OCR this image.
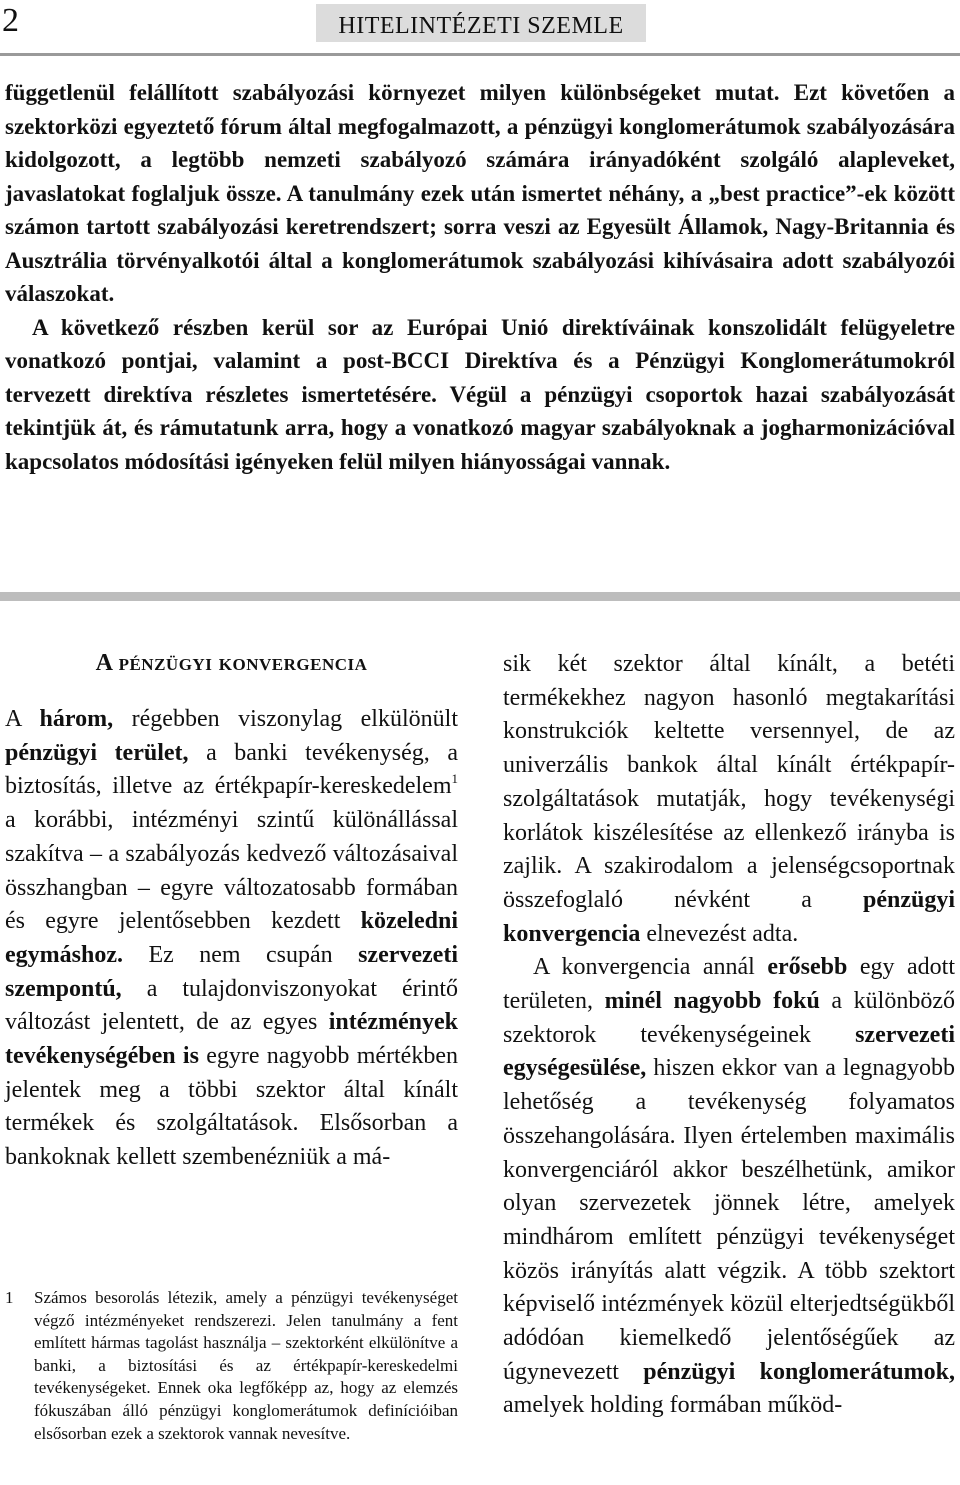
2	HITELINTÉZETI SZEMLE

függetlenül felállított szabályozási környezet milyen különbségeket mutat. Ezt követően a szektorközi egyeztető fórum által megfogalmazott, a pénzügyi konglomerátumok szabályozására kidolgozott, a legtöbb nemzeti szabályozó számára irányadóként szolgáló alapleveket, javaslatokat foglaljuk össze. A tanulmány ezek után ismertet néhány, a „best practice”-ek között számon tartott szabályozási keretrendszert; sorra veszi az Egyesült Államok, Nagy-Britannia és Ausztrália törvényalkotói által a konglomerátumok szabályozási kihívásaira adott szabályozói válaszokat.

A következő részben kerül sor az Európai Unió direktíváinak konszolidált felügyeletre vonatkozó pontjai, valamint a post-BCCI Direktíva és a Pénzügyi Konglomerátumokról tervezett direktíva részletes ismertetésére. Végül a pénzügyi csoportok hazai szabályozását tekintjük át, és rámutatunk arra, hogy a vonatkozó magyar szabályoknak a jogharmonizációval kapcsolatos módosítási igényeken felül milyen hiányosságai vannak.

A pénzügyi konvergencia

A három, régebben viszonylag elkülönült pénzügyi terület, a banki tevékenység, a biztosítás, illetve az értékpapír-kereskedelem$^1$ a korábbi, intézményi szintű különállással szakítva – a szabályozás kedvező változásaival összhangban – egyre változatosabb formában és egyre jelentősebben kezdett közeledni egymáshoz. Ez nem csupán szervezeti szempontú, a tulajdonviszonyokat érintő változást jelentett, de az egyes intézmények tevékenységében is egyre nagyobb mértékben jelentek meg a többi szektor által kínált termékek és szolgáltatások. Elsősorban a bankoknak kellett szembenézniük a má-

1 Számos besorolás létezik, amely a pénzügyi tevékenységet végző intézményeket rendszerezi. Jelen tanulmány a fent említett hármas tagolást használja – szektorként elkülönítve a banki, a biztosítási és az értékpapír-kereskedelmi tevékenységeket. Ennek oka legfőképp az, hogy az elemzés fókuszában álló pénzügyi konglomerátumok definícióiban elsősorban ezek a szektorok vannak nevesítve.

sik két szektor által kínált, a betéti termékekhez nagyon hasonló megtakarítási konstrukciók keltette versennyel, de az univerzális bankok által kínált értékpapír-szolgáltatások mutatják, hogy tevékenységi korlátok kiszélesítése az ellenkező irányba is zajlik. A szakirodalom a jelenségcsoportnak összefoglaló névként a pénzügyi konvergencia elnevezést adta.

A konvergencia annál erősebb egy adott területen, minél nagyobb fokú a különböző szektorok tevékenységeinek szervezeti egységesülése, hiszen ekkor van a legnagyobb lehetőség a tevékenység folyamatos összehangolására. Ilyen értelemben maximális konvergenciáról akkor beszélhetünk, amikor olyan szervezetek jönnek létre, amelyek mindhárom említett pénzügyi tevékenységet közös irányítás alatt végzik. A több szektort képviselő intézmények közül elterjedtségükből adódóan kiemelkedő jelentőségűek az úgynevezett pénzügyi konglomerátumok, amelyek holding formában működ-
